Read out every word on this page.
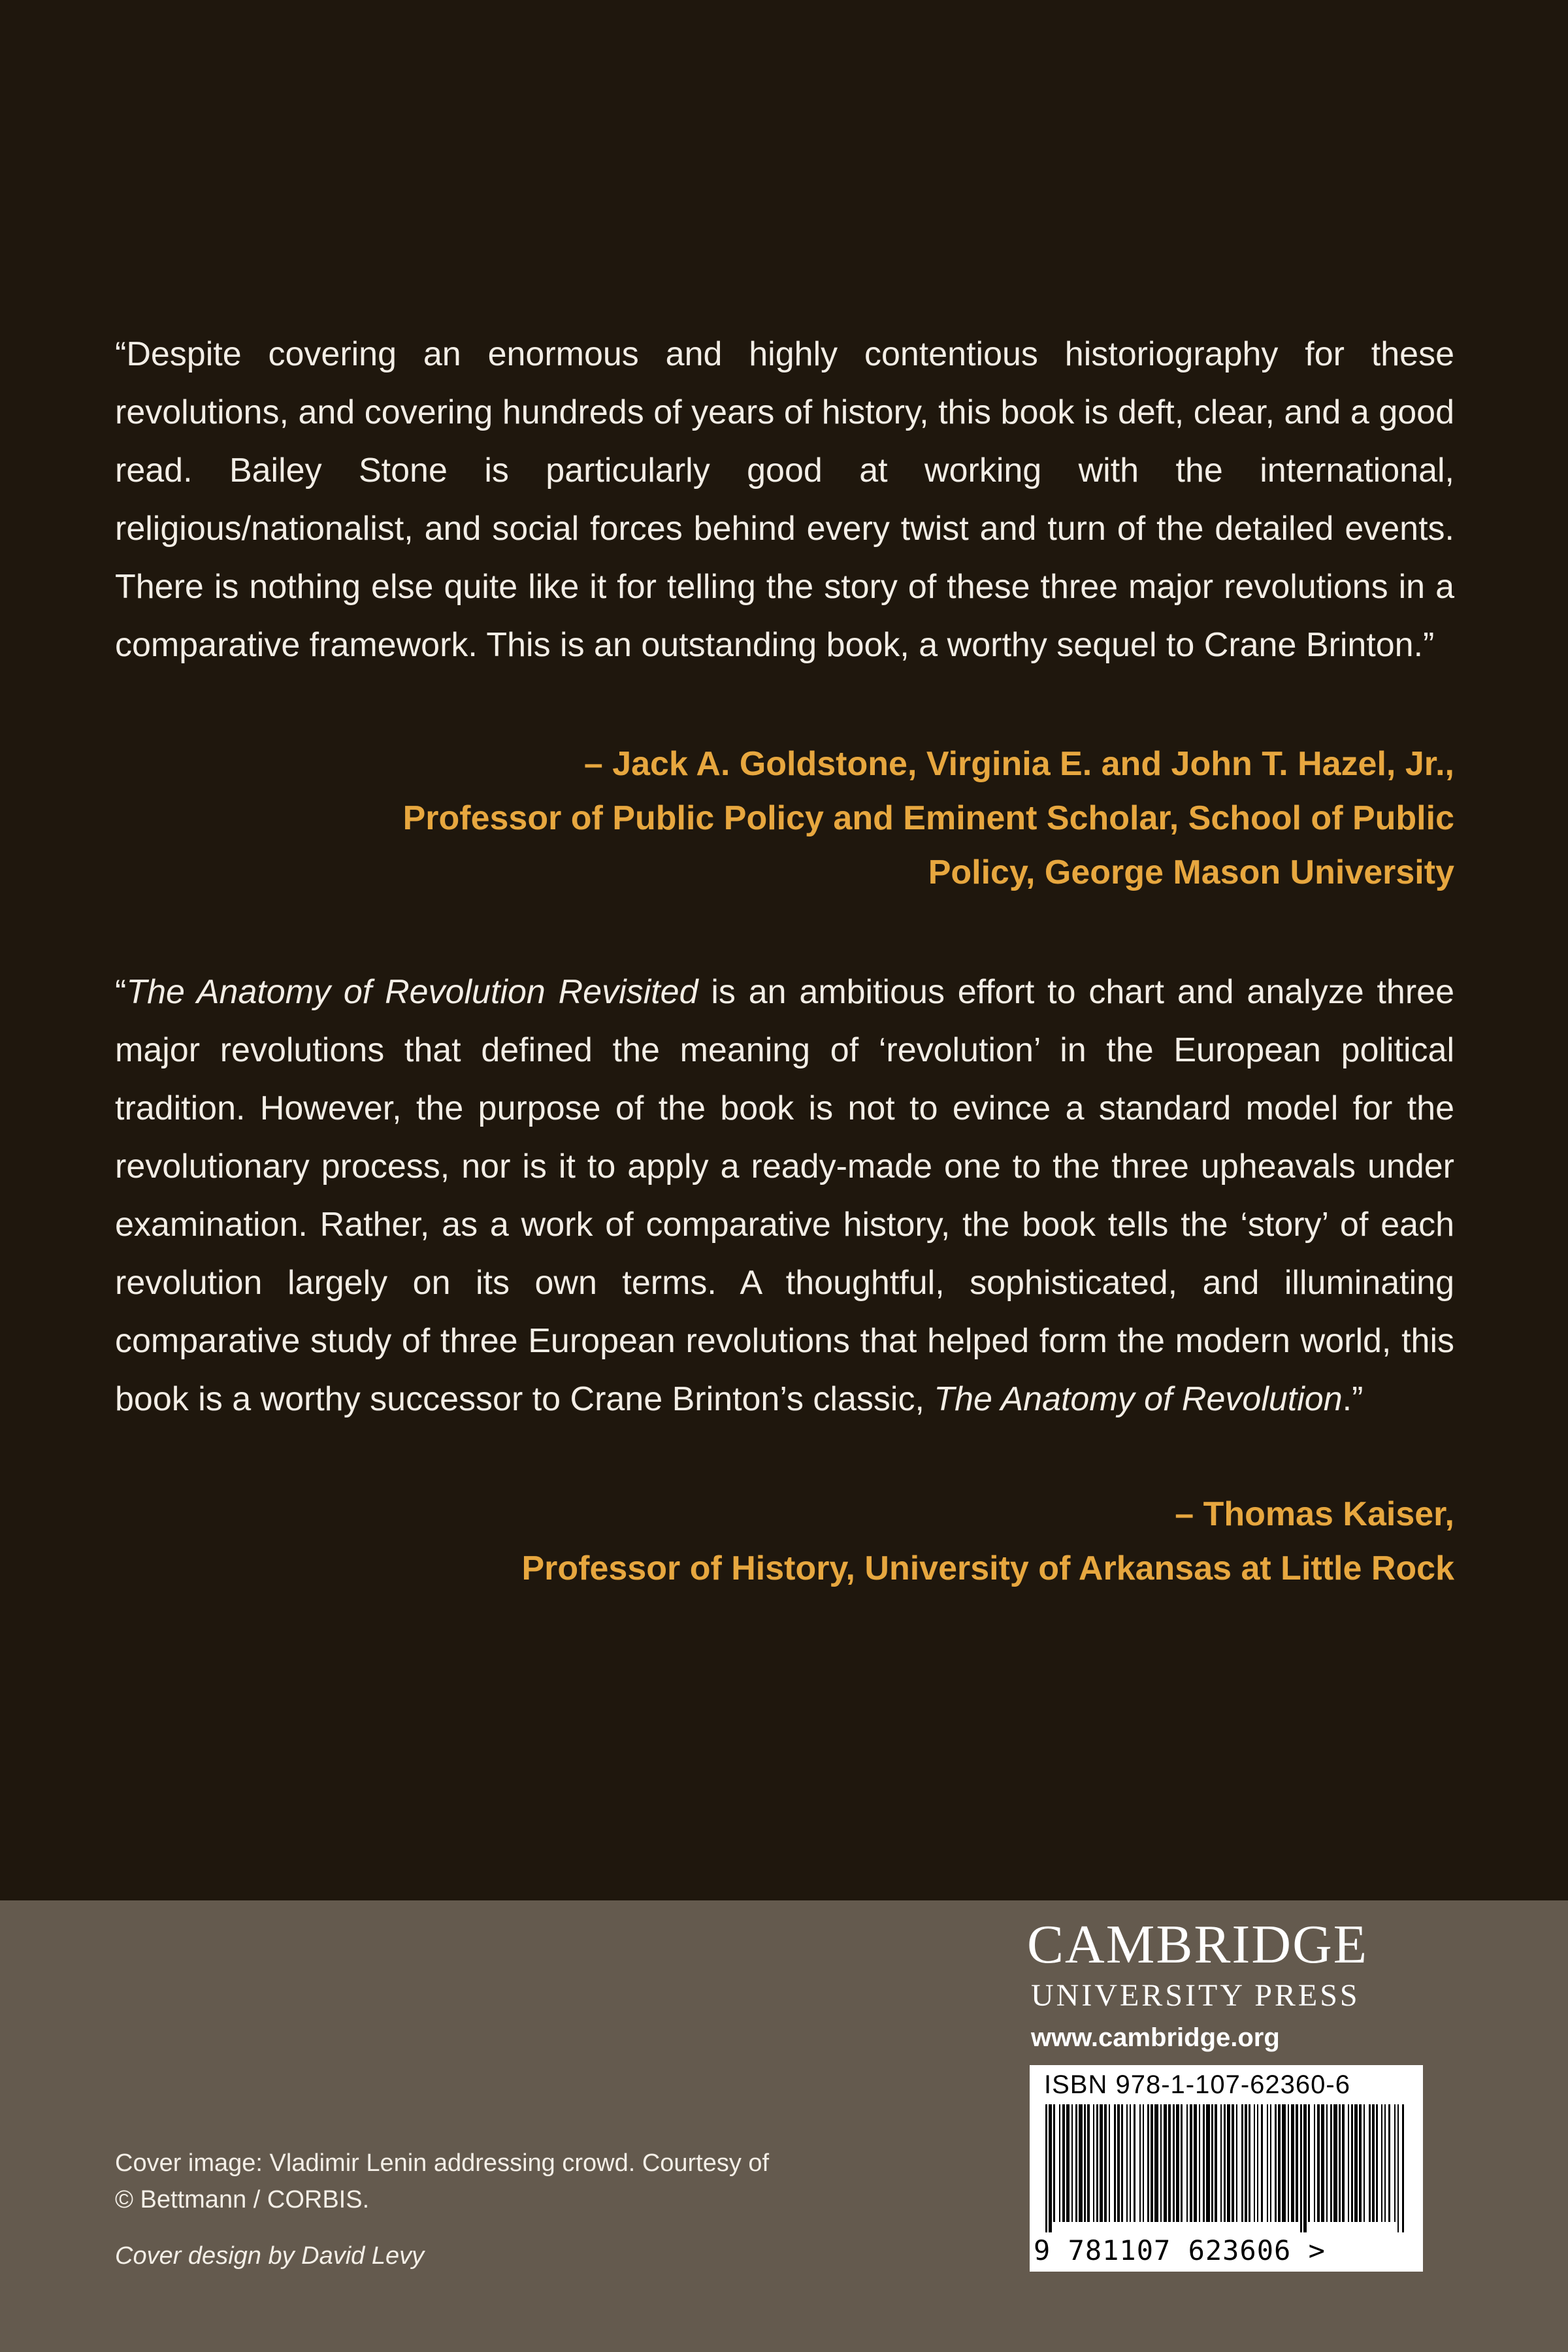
“Despite covering an enormous and highly contentious historiography for these revolutions, and covering hundreds of years of history, this book is deft, clear, and a good read. Bailey Stone is particularly good at working with the international, religious/nationalist, and social forces behind every twist and turn of the detailed events. There is nothing else quite like it for telling the story of these three major revolutions in a comparative framework. This is an outstanding book, a worthy sequel to Crane Brinton.”
– Jack A. Goldstone, Virginia E. and John T. Hazel, Jr.,
Professor of Public Policy and Eminent Scholar, School of Public
Policy, George Mason University
“The Anatomy of Revolution Revisited is an ambitious effort to chart and analyze three major revolutions that defined the meaning of ‘revolution’ in the European political tradition. However, the purpose of the book is not to evince a standard model for the revolutionary process, nor is it to apply a ready-made one to the three upheavals under examination. Rather, as a work of comparative history, the book tells the ‘story’ of each revolution largely on its own terms. A thoughtful, sophisticated, and illuminating comparative study of three European revolutions that helped form the modern world, this book is a worthy successor to Crane Brinton’s classic, The Anatomy of Revolution.”
– Thomas Kaiser,
Professor of History, University of Arkansas at Little Rock
Cover image: Vladimir Lenin addressing crowd. Courtesy of
© Bettmann / CORBIS.
Cover design by David Levy
CAMBRIDGE
UNIVERSITY PRESS
www.cambridge.org
ISBN 978-1-107-62360-6
9 781107 623606 >
